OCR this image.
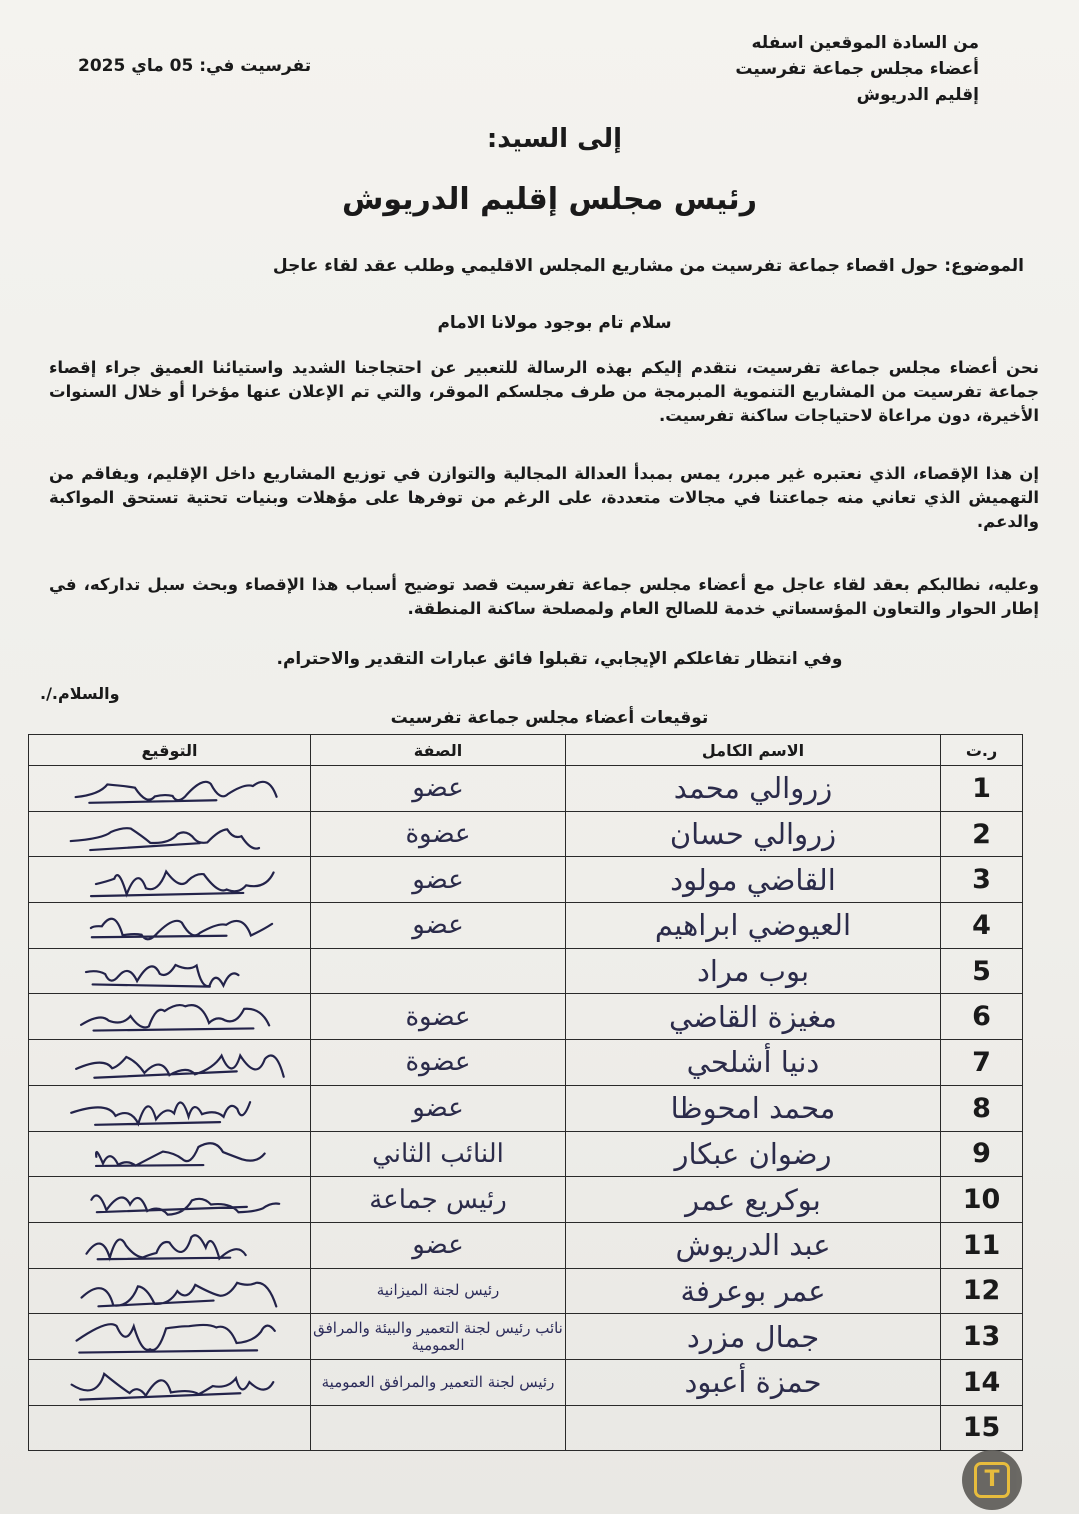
من السادة الموقعين اسفله
أعضاء مجلس جماعة تفرسيت
إقليم الدريوش
تفرسيت في: 05 ماي 2025
إلى السيد:
رئيس مجلس إقليم الدريوش
الموضوع: حول اقصاء جماعة تفرسيت من مشاريع المجلس الاقليمي وطلب عقد لقاء عاجل
سلام تام بوجود مولانا الامام
نحن أعضاء مجلس جماعة تفرسيت، نتقدم إليكم بهذه الرسالة للتعبير عن احتجاجنا الشديد واستيائنا العميق جراء إقصاء جماعة تفرسيت من المشاريع التنموية المبرمجة من طرف مجلسكم الموقر، والتي تم الإعلان عنها مؤخرا أو خلال السنوات الأخيرة، دون مراعاة لاحتياجات ساكنة تفرسيت.
إن هذا الإقصاء، الذي نعتبره غير مبرر، يمس بمبدأ العدالة المجالية والتوازن في توزيع المشاريع داخل الإقليم، ويفاقم من التهميش الذي تعاني منه جماعتنا في مجالات متعددة، على الرغم من توفرها على مؤهلات وبنيات تحتية تستحق المواكبة والدعم.
وعليه، نطالبكم بعقد لقاء عاجل مع أعضاء مجلس جماعة تفرسيت قصد توضيح أسباب هذا الإقصاء وبحث سبل تداركه، في إطار الحوار والتعاون المؤسساتي خدمة للصالح العام ولمصلحة ساكنة المنطقة.
وفي انتظار تفاعلكم الإيجابي، تقبلوا فائق عبارات التقدير والاحترام.
والسلام./.
توقيعات أعضاء مجلس جماعة تفرسيت
ر.ت	الاسم الكامل	الصفة	التوقيع
1	زروالي محمد	عضو	

2	زروالي حسان	عضوة	

3	القاضي مولود	عضو	

4	العيوضي ابراهيم	عضو	

5	بوب مراد		

6	مغيزة القاضي	عضوة	

7	دنيا أشلحي	عضوة	

8	محمد امحوظا	عضو	

9	رضوان عبكار	النائب الثاني	

10	بوكريع عمر	رئيس جماعة	

11	عبد الدريوش	عضو	

12	عمر بوعرفة	رئيس لجنة الميزانية	

13	جمال مزرد	نائب رئيس لجنة التعمير والبيئة والمرافق العمومية	

14	حمزة أعبود	رئيس لجنة التعمير والمرافق العمومية	

15			
T
